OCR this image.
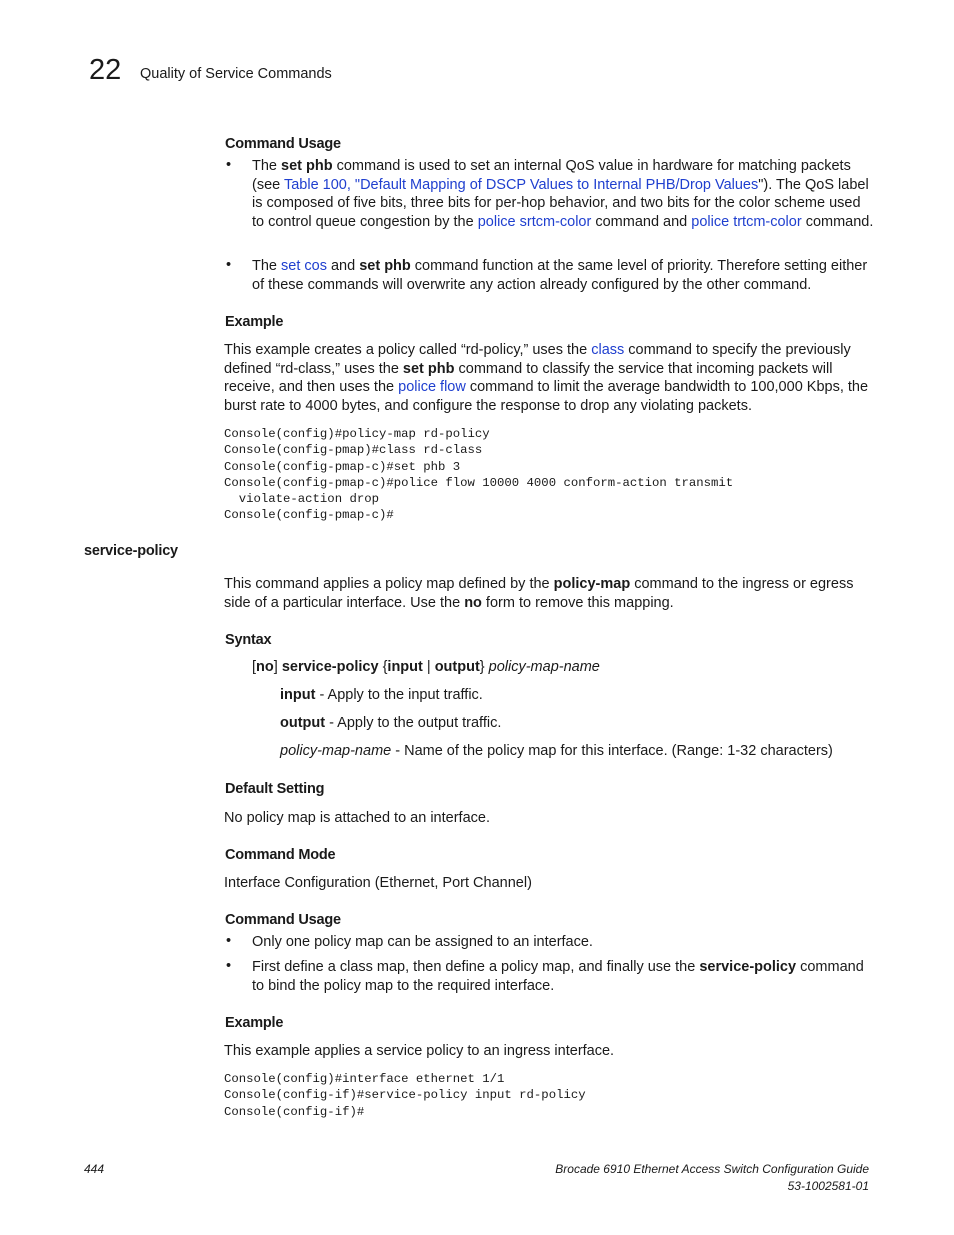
22 Quality of Service Commands
Command Usage
• The set phb command is used to set an internal QoS value in hardware for matching packets (see Table 100, "Default Mapping of DSCP Values to Internal PHB/Drop Values"). The QoS label is composed of five bits, three bits for per-hop behavior, and two bits for the color scheme used to control queue congestion by the police srtcm-color command and police trtcm-color command.
• The set cos and set phb command function at the same level of priority. Therefore setting either of these commands will overwrite any action already configured by the other command.
Example
This example creates a policy called “rd-policy,” uses the class command to specify the previously defined “rd-class,” uses the set phb command to classify the service that incoming packets will receive, and then uses the police flow command to limit the average bandwidth to 100,000 Kbps, the burst rate to 4000 bytes, and configure the response to drop any violating packets.
Console(config)#policy-map rd-policy
Console(config-pmap)#class rd-class
Console(config-pmap-c)#set phb 3
Console(config-pmap-c)#police flow 10000 4000 conform-action transmit
violate-action drop
Console(config-pmap-c)#
service-policy
This command applies a policy map defined by the policy-map command to the ingress or egress side of a particular interface. Use the no form to remove this mapping.
Syntax
[no] service-policy {input | output} policy-map-name
input - Apply to the input traffic.
output - Apply to the output traffic.
policy-map-name - Name of the policy map for this interface. (Range: 1-32 characters)
Default Setting
No policy map is attached to an interface.
Command Mode
Interface Configuration (Ethernet, Port Channel)
Command Usage
• Only one policy map can be assigned to an interface.
• First define a class map, then define a policy map, and finally use the service-policy command to bind the policy map to the required interface.
Example
This example applies a service policy to an ingress interface.
Console(config)#interface ethernet 1/1
Console(config-if)#service-policy input rd-policy
Console(config-if)#
444	Brocade 6910 Ethernet Access Switch Configuration Guide
53-1002581-01
